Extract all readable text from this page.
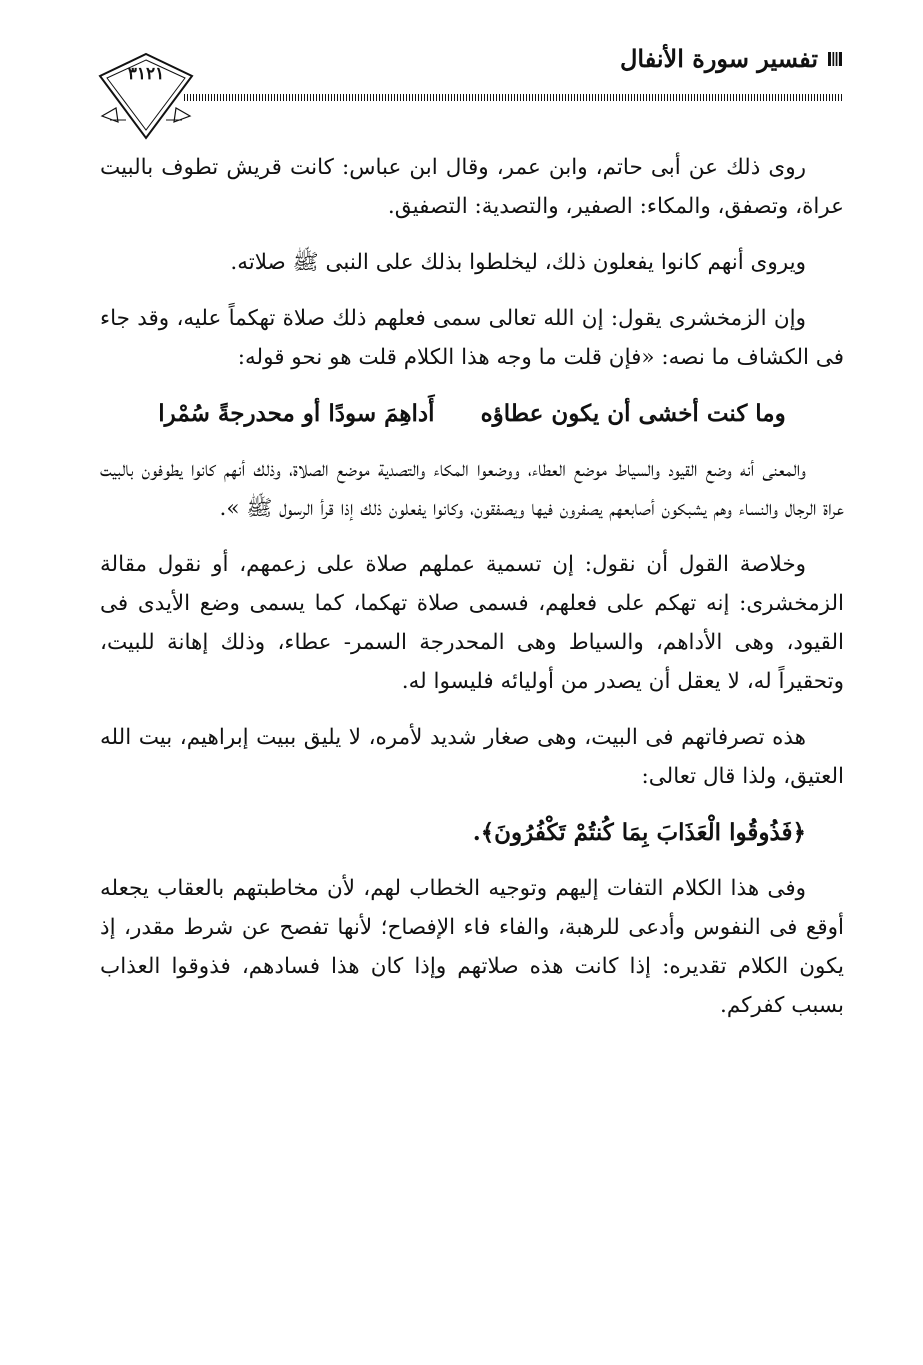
تفسير سورة الأنفال
٣١٢١

روى ذلك عن أبى حاتم، وابن عمر، وقال ابن عباس: كانت قريش تطوف بالبيت عراة، وتصفق، والمكاء: الصفير، والتصدية: التصفيق.

ويروى أنهم كانوا يفعلون ذلك، ليخلطوا بذلك على النبى ﷺ صلاته.

وإن الزمخشرى يقول: إن الله تعالى سمى فعلهم ذلك صلاة تهكماً عليه، وقد جاء فى الكشاف ما نصه: «فإن قلت ما وجه هذا الكلام قلت هو نحو قوله:

وما كنت أخشى أن يكون عطاؤهأَداهِمَ سودًا أو محدرجةً سُمْرا

والمعنى أنه وضع القيود والسياط موضع العطاء، ووضعوا المكاء والتصدية موضع الصلاة، وذلك أنهم كانوا يطوفون بالبيت عراة الرجال والنساء وهم يشبكون أصابعهم يصفرون فيها ويصفقون، وكانوا يفعلون ذلك إذا قرأ الرسول ﷺ ».

وخلاصة القول أن نقول: إن تسمية عملهم صلاة على زعمهم، أو نقول مقالة الزمخشرى: إنه تهكم على فعلهم، فسمى صلاة تهكما، كما يسمى وضع الأيدى فى القيود، وهى الأداهم، والسياط وهى المحدرجة السمر- عطاء، وذلك إهانة للبيت، وتحقيراً له، لا يعقل أن يصدر من أوليائه فليسوا له.

هذه تصرفاتهم فى البيت، وهى صغار شديد لأمره، لا يليق ببيت إبراهيم، بيت الله العتيق، ولذا قال تعالى:

﴿فَذُوقُوا الْعَذَابَ بِمَا كُنتُمْ تَكْفُرُونَ﴾.

وفى هذا الكلام التفات إليهم وتوجيه الخطاب لهم، لأن مخاطبتهم بالعقاب يجعله أوقع فى النفوس وأدعى للرهبة، والفاء فاء الإفصاح؛ لأنها تفصح عن شرط مقدر، إذ يكون الكلام تقديره: إذا كانت هذه صلاتهم وإذا كان هذا فسادهم، فذوقوا العذاب بسبب كفركم.
